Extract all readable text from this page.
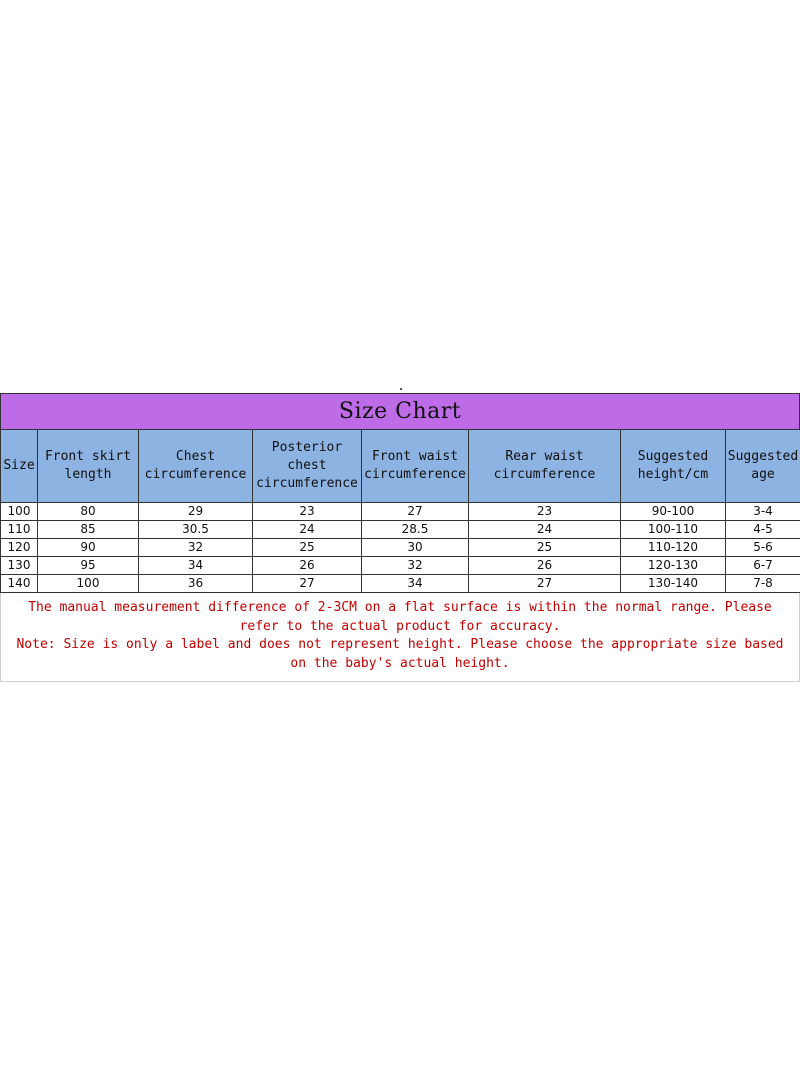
Size Chart
Size	Front skirt length	Chest circumference	Posterior chest circumference	Front waist circumference	Rear waist circumference	Suggested height/cm	Suggested age
100	80	29	23	27	23	90-100	3-4
110	85	30.5	24	28.5	24	100-110	4-5
120	90	32	25	30	25	110-120	5-6
130	95	34	26	32	26	120-130	6-7
140	100	36	27	34	27	130-140	7-8

The manual measurement difference of 2-3CM on a flat surface is within the normal range. Please refer to the actual product for accuracy.

Note: Size is only a label and does not represent height. Please choose the appropriate size based on the baby's actual height.
